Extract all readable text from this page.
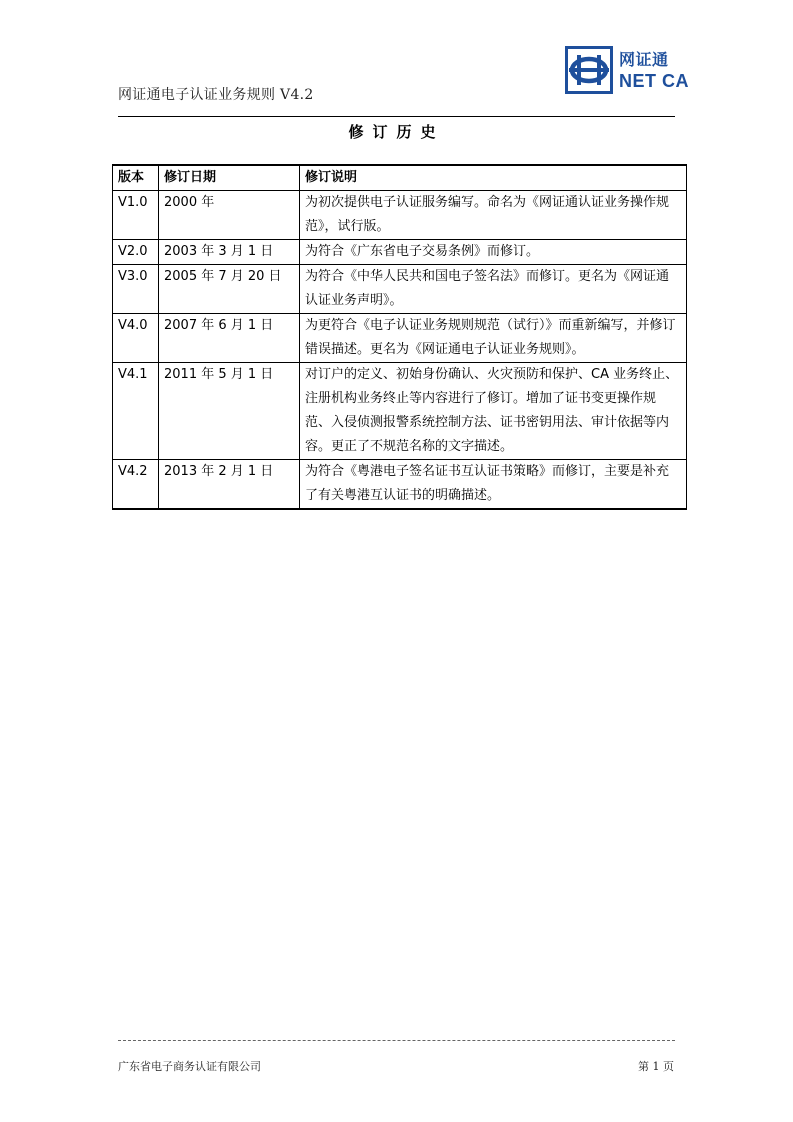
网证通电子认证业务规则 V4.2
网证通
NET CA
修订历史
版本	修订日期	修订说明
V1.0	2000 年	为初次提供电子认证服务编写。命名为《网证通认证业务操作规范》，试行版。
V2.0	2003 年 3 月 1 日	为符合《广东省电子交易条例》而修订。
V3.0	2005 年 7 月 20 日	为符合《中华人民共和国电子签名法》而修订。更名为《网证通认证业务声明》。
V4.0	2007 年 6 月 1 日	为更符合《电子认证业务规则规范（试行）》而重新编写，并修订错误描述。更名为《网证通电子认证业务规则》。
V4.1	2011 年 5 月 1 日	对订户的定义、初始身份确认、火灾预防和保护、CA 业务终止、注册机构业务终止等内容进行了修订。增加了证书变更操作规范、入侵侦测报警系统控制方法、证书密钥用法、审计依据等内容。更正了不规范名称的文字描述。
V4.2	2013 年 2 月 1 日	为符合《粤港电子签名证书互认证书策略》而修订，主要是补充了有关粤港互认证书的明确描述。
广东省电子商务认证有限公司	第 1 页
